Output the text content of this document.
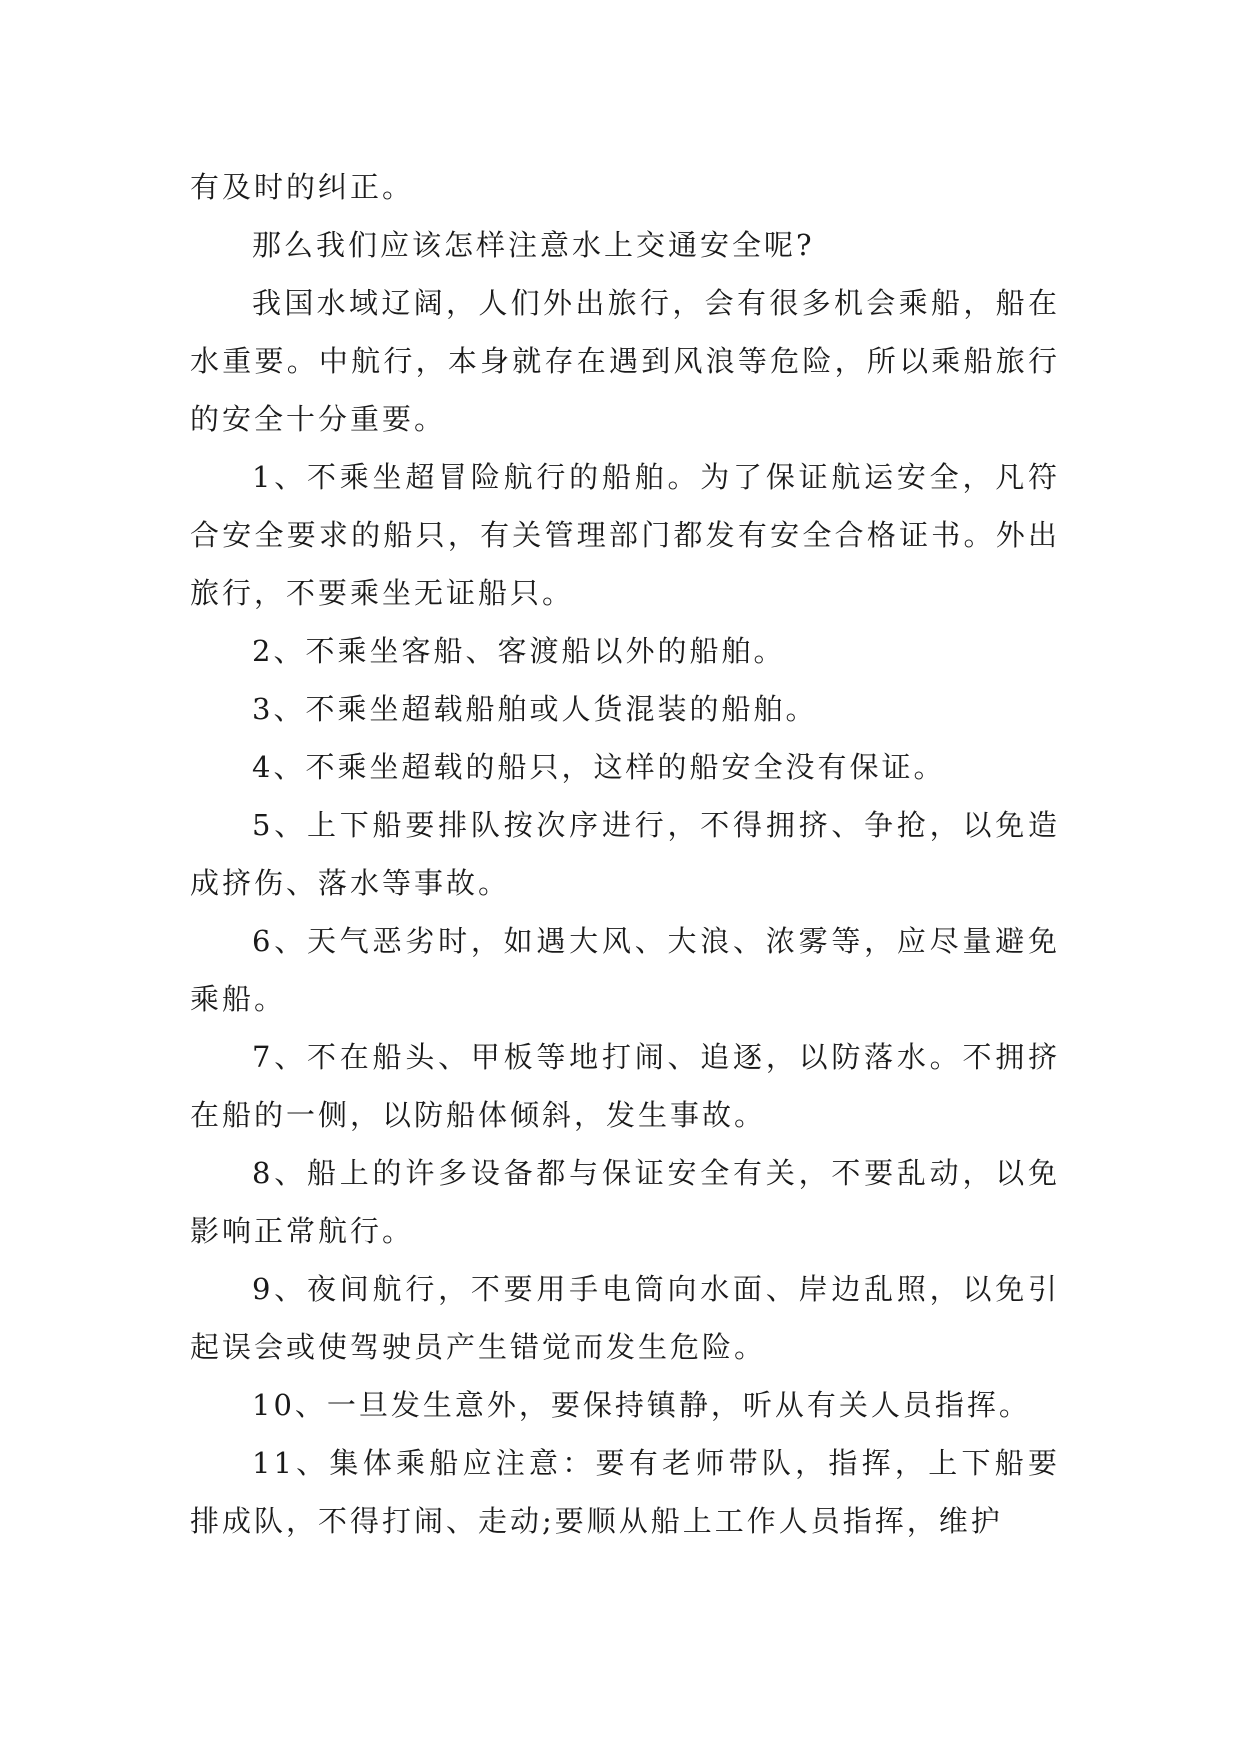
有及时的纠正。

那么我们应该怎样注意水上交通安全呢?

我国水域辽阔，人们外出旅行，会有很多机会乘船，船在水重要。中航行，本身就存在遇到风浪等危险，所以乘船旅行的安全十分重要。

1、不乘坐超冒险航行的船舶。为了保证航运安全，凡符合安全要求的船只，有关管理部门都发有安全合格证书。外出旅行，不要乘坐无证船只。

2、不乘坐客船、客渡船以外的船舶。

3、不乘坐超载船舶或人货混装的船舶。

4、不乘坐超载的船只，这样的船安全没有保证。

5、上下船要排队按次序进行，不得拥挤、争抢，以免造成挤伤、落水等事故。

6、天气恶劣时，如遇大风、大浪、浓雾等，应尽量避免乘船。

7、不在船头、甲板等地打闹、追逐，以防落水。不拥挤在船的一侧，以防船体倾斜，发生事故。

8、船上的许多设备都与保证安全有关，不要乱动，以免影响正常航行。

9、夜间航行，不要用手电筒向水面、岸边乱照，以免引起误会或使驾驶员产生错觉而发生危险。

10、一旦发生意外，要保持镇静，听从有关人员指挥。

11、集体乘船应注意：要有老师带队，指挥，上下船要排成队，不得打闹、走动;要顺从船上工作人员指挥，维护
